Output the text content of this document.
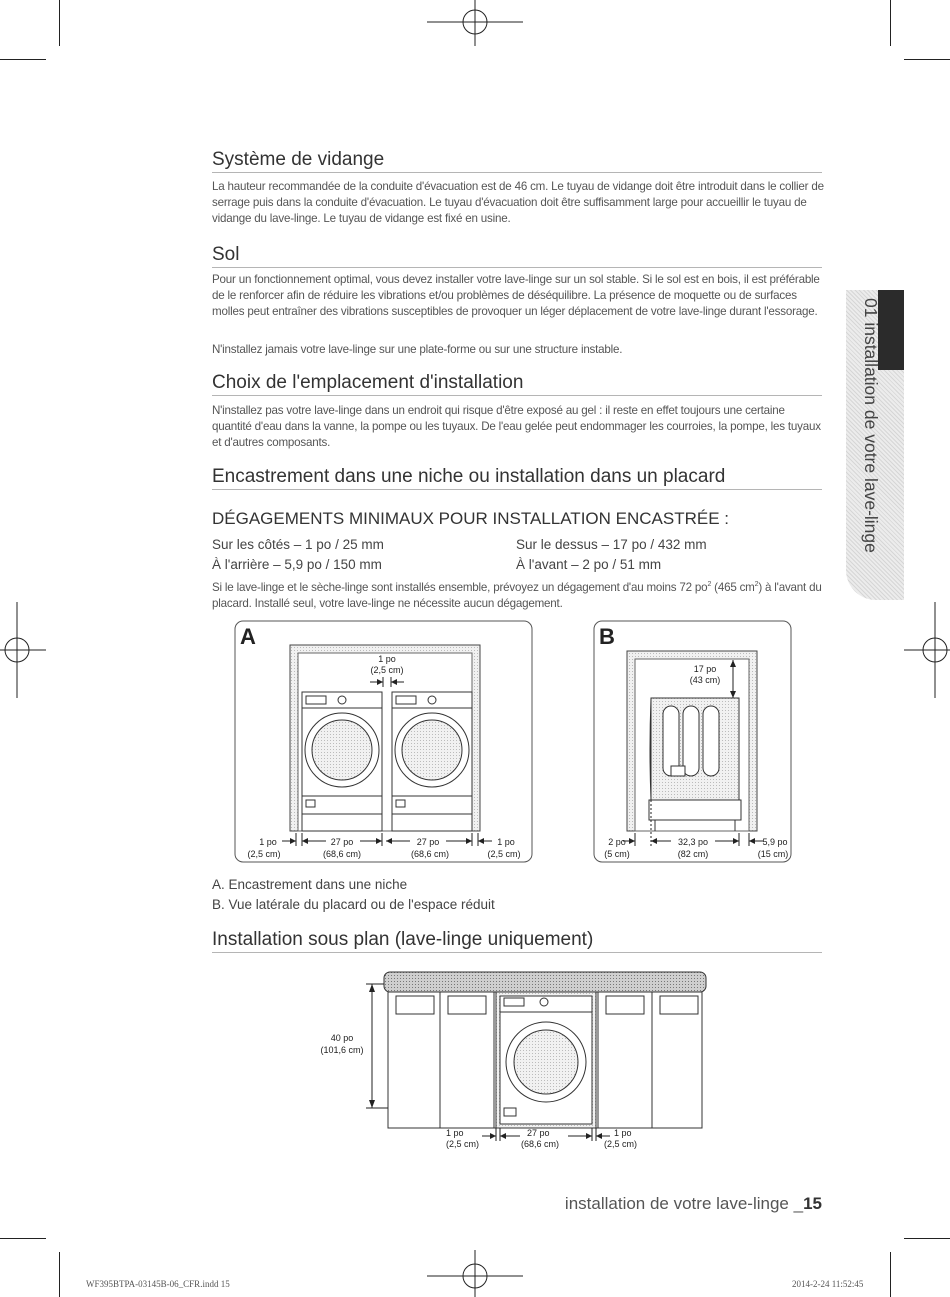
01 installation de votre lave-linge
Système de vidange

La hauteur recommandée de la conduite d'évacuation est de 46 cm. Le tuyau de vidange doit être introduit dans le collier de serrage puis dans la conduite d'évacuation. Le tuyau d'évacuation doit être suffisamment large pour accueillir le tuyau de vidange du lave-linge. Le tuyau de vidange est fixé en usine.

Sol

Pour un fonctionnement optimal, vous devez installer votre lave-linge sur un sol stable. Si le sol est en bois, il est préférable de le renforcer afin de réduire les vibrations et/ou problèmes de déséquilibre. La présence de moquette ou de surfaces molles peut entraîner des vibrations susceptibles de provoquer un léger déplacement de votre lave-linge durant l'essorage.

N'installez jamais votre lave-linge sur une plate-forme ou sur une structure instable.

Choix de l'emplacement d'installation

N'installez pas votre lave-linge dans un endroit qui risque d'être exposé au gel : il reste en effet toujours une certaine quantité d'eau dans la vanne, la pompe ou les tuyaux. De l'eau gelée peut endommager les courroies, la pompe, les tuyaux et d'autres composants.

Encastrement dans une niche ou installation dans un placard
DÉGAGEMENTS MINIMAUX POUR INSTALLATION ENCASTRÉE :
Sur les côtés – 1 po / 25 mm	Sur le dessus – 17 po / 432 mm
À l'arrière – 5,9 po / 150 mm	À l'avant – 2 po / 51 mm

Si le lave-linge et le sèche-linge sont installés ensemble, prévoyez un dégagement d'au moins 72 $po^2$ (465 $cm^2$) à l'avant du placard. Installé seul, votre lave-linge ne nécessite aucun dégagement.

A
1 po
(2,5 cm)
1 po
(2,5 cm)
27 po
(68,6 cm)
27 po
(68,6 cm)
1 po
(2,5 cm)
B
17 po
(43 cm)
2 po
(5 cm)
32,3 po
(82 cm)
5,9 po
(15 cm)
A. Encastrement dans une niche
B. Vue latérale du placard ou de l'espace réduit
Installation sous plan (lave-linge uniquement)
40 po
(101,6 cm)
1 po
(2,5 cm)
27 po
(68,6 cm)
1 po
(2,5 cm)
installation de votre lave-linge _15
WF395BTPA-03145B-06_CFR.indd 15	2014-2-24 11:52:45
